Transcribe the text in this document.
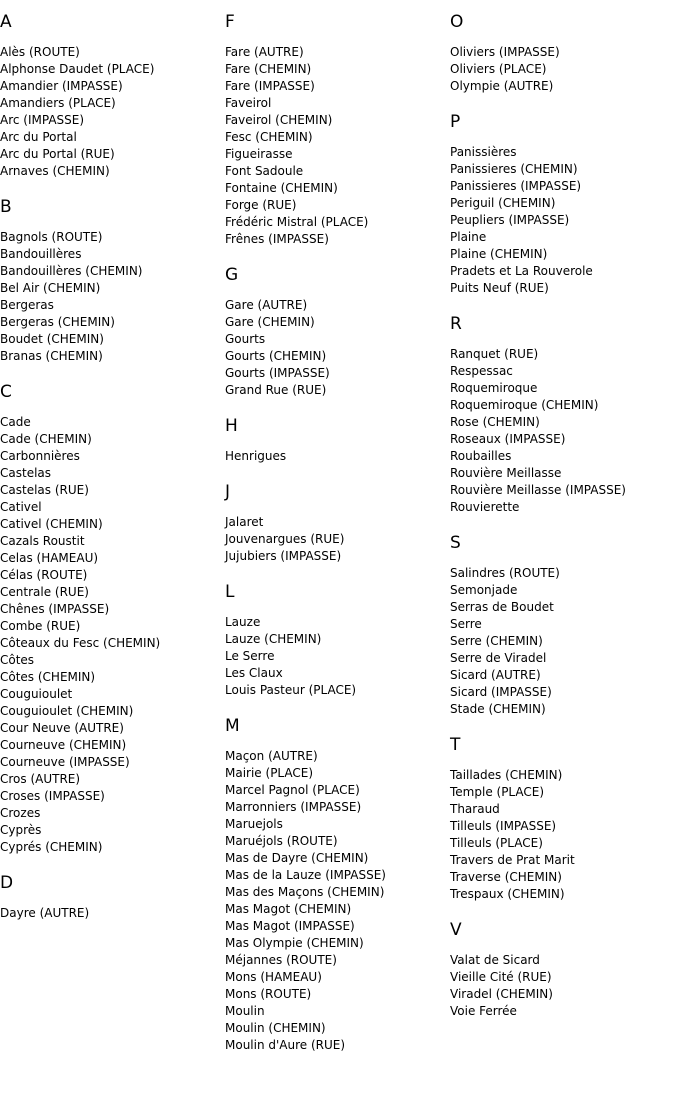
A
Alès (ROUTE)
Alphonse Daudet (PLACE)
Amandier (IMPASSE)
Amandiers (PLACE)
Arc (IMPASSE)
Arc du Portal
Arc du Portal (RUE)
Arnaves (CHEMIN)
B
Bagnols (ROUTE)
Bandouillères
Bandouillères (CHEMIN)
Bel Air (CHEMIN)
Bergeras
Bergeras (CHEMIN)
Boudet (CHEMIN)
Branas (CHEMIN)
C
Cade
Cade (CHEMIN)
Carbonnières
Castelas
Castelas (RUE)
Cativel
Cativel (CHEMIN)
Cazals Roustit
Celas (HAMEAU)
Célas (ROUTE)
Centrale (RUE)
Chênes (IMPASSE)
Combe (RUE)
Côteaux du Fesc (CHEMIN)
Côtes
Côtes (CHEMIN)
Couguioulet
Couguioulet (CHEMIN)
Cour Neuve (AUTRE)
Courneuve (CHEMIN)
Courneuve (IMPASSE)
Cros (AUTRE)
Croses (IMPASSE)
Crozes
Cyprès
Cyprés (CHEMIN)
D
Dayre (AUTRE)
F
Fare (AUTRE)
Fare (CHEMIN)
Fare (IMPASSE)
Faveirol
Faveirol (CHEMIN)
Fesc (CHEMIN)
Figueirasse
Font Sadoule
Fontaine (CHEMIN)
Forge (RUE)
Frédéric Mistral (PLACE)
Frênes (IMPASSE)
G
Gare (AUTRE)
Gare (CHEMIN)
Gourts
Gourts (CHEMIN)
Gourts (IMPASSE)
Grand Rue (RUE)
H
Henrigues
J
Jalaret
Jouvenargues (RUE)
Jujubiers (IMPASSE)
L
Lauze
Lauze (CHEMIN)
Le Serre
Les Claux
Louis Pasteur (PLACE)
M
Maçon (AUTRE)
Mairie (PLACE)
Marcel Pagnol (PLACE)
Marronniers (IMPASSE)
Maruejols
Maruéjols (ROUTE)
Mas de Dayre (CHEMIN)
Mas de la Lauze (IMPASSE)
Mas des Maçons (CHEMIN)
Mas Magot (CHEMIN)
Mas Magot (IMPASSE)
Mas Olympie (CHEMIN)
Méjannes (ROUTE)
Mons (HAMEAU)
Mons (ROUTE)
Moulin
Moulin (CHEMIN)
Moulin d'Aure (RUE)
O
Oliviers (IMPASSE)
Oliviers (PLACE)
Olympie (AUTRE)
P
Panissières
Panissieres (CHEMIN)
Panissieres (IMPASSE)
Periguil (CHEMIN)
Peupliers (IMPASSE)
Plaine
Plaine (CHEMIN)
Pradets et La Rouverole
Puits Neuf (RUE)
R
Ranquet (RUE)
Respessac
Roquemiroque
Roquemiroque (CHEMIN)
Rose (CHEMIN)
Roseaux (IMPASSE)
Roubailles
Rouvière Meillasse
Rouvière Meillasse (IMPASSE)
Rouvierette
S
Salindres (ROUTE)
Semonjade
Serras de Boudet
Serre
Serre (CHEMIN)
Serre de Viradel
Sicard (AUTRE)
Sicard (IMPASSE)
Stade (CHEMIN)
T
Taillades (CHEMIN)
Temple (PLACE)
Tharaud
Tilleuls (IMPASSE)
Tilleuls (PLACE)
Travers de Prat Marit
Traverse (CHEMIN)
Trespaux (CHEMIN)
V
Valat de Sicard
Vieille Cité (RUE)
Viradel (CHEMIN)
Voie Ferrée
